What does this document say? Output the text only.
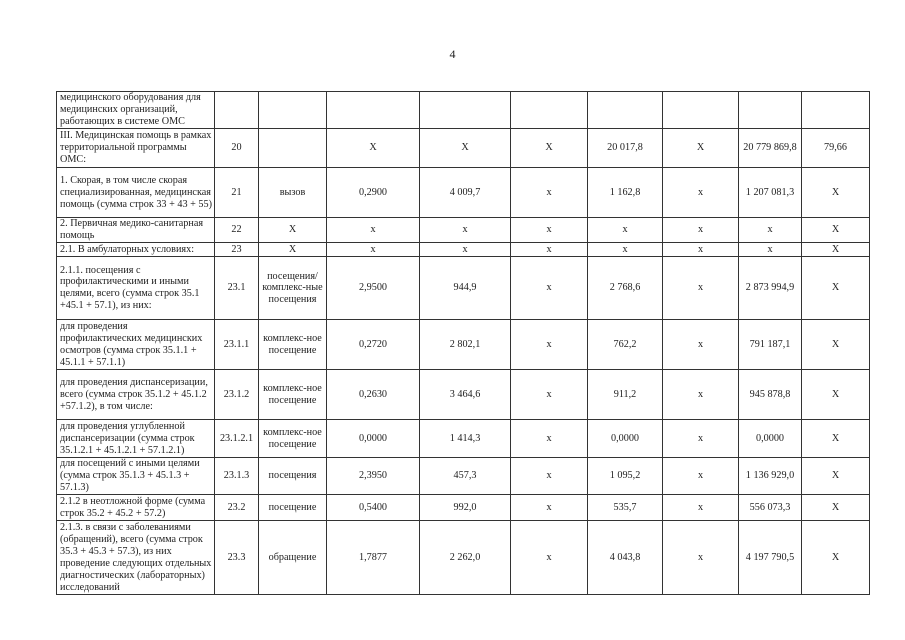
4
медицинского оборудования для медицинских организаций, работающих в системе ОМС									
III. Медицинская помощь в рамках территориальной программы ОМС:	20		X	X	X	20 017,8	X	20 779 869,8	79,66
1. Скорая, в том числе скорая специализированная, медицинская помощь (сумма строк 33 + 43 + 55)	21	вызов	0,2900	4 009,7	x	1 162,8	x	1 207 081,3	X
2. Первичная медико-санитарная помощь	22	X	x	x	x	x	x	x	X
2.1. В амбулаторных условиях:	23	X	x	x	x	x	x	x	X
2.1.1. посещения с профилактическими и иными целями, всего (сумма строк 35.1 +45.1 + 57.1), из них:	23.1	посещения/ комплекс-ные посещения	2,9500	944,9	x	2 768,6	x	2 873 994,9	X
для проведения профилактических медицинских осмотров (сумма строк 35.1.1 + 45.1.1 + 57.1.1)	23.1.1	комплекс-ное посещение	0,2720	2 802,1	x	762,2	x	791 187,1	X
для проведения диспансеризации, всего (сумма строк 35.1.2 + 45.1.2 +57.1.2), в том числе:	23.1.2	комплекс-ное посещение	0,2630	3 464,6	x	911,2	x	945 878,8	X
для проведения углубленной диспансеризации (сумма строк 35.1.2.1 + 45.1.2.1 + 57.1.2.1)	23.1.2.1	комплекс-ное посещение	0,0000	1 414,3	x	0,0000	x	0,0000	X
для посещений с иными целями (сумма строк 35.1.3 + 45.1.3 + 57.1.3)	23.1.3	посещения	2,3950	457,3	x	1 095,2	x	1 136 929,0	X
2.1.2 в неотложной форме (сумма строк 35.2 + 45.2 + 57.2)	23.2	посещение	0,5400	992,0	x	535,7	x	556 073,3	X
2.1.3. в связи с заболеваниями (обращений), всего (сумма строк 35.3 + 45.3 + 57.3), из них проведение следующих отдельных диагностических (лабораторных) исследований	23.3	обращение	1,7877	2 262,0	x	4 043,8	x	4 197 790,5	X
